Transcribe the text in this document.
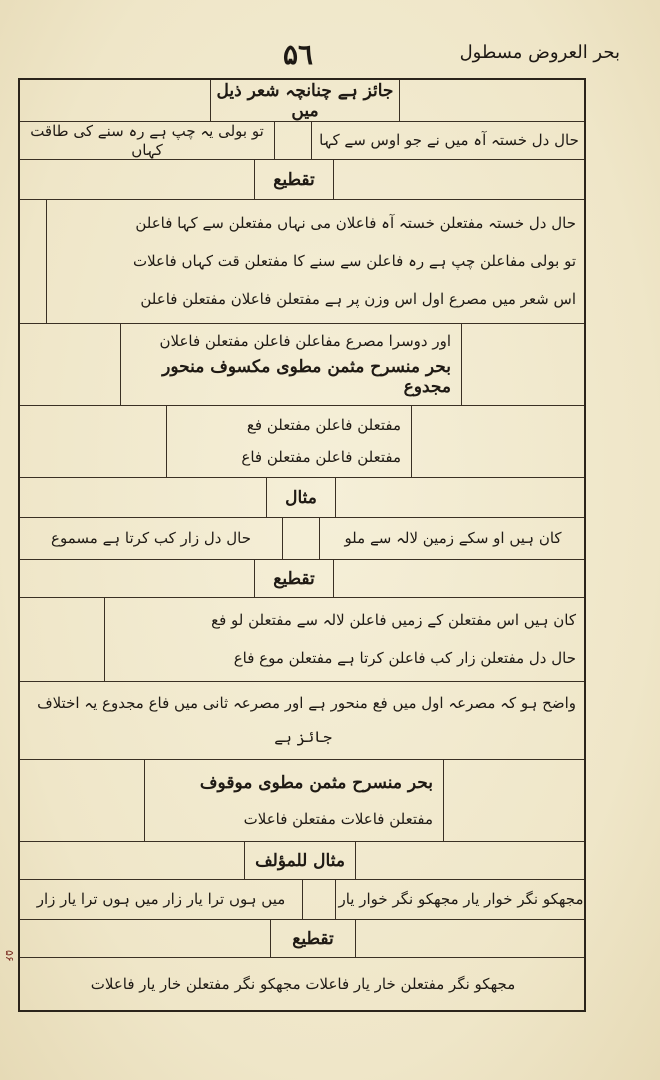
۵٦	بحر العروض مسطول
جائز ہے چنانچہ شعر ذیل میں
حال دل خستہ آہ میں نے جو اوس سے کہا
تو بولی یہ چپ ہے رہ سنے کی طاقت کہاں
تقطیع
حال دل خستہ مفتعلن خستہ آہ فاعلان می نہاں مفتعلن سے کہا فاعلن
تو بولی مفاعلن چپ ہے رہ فاعلن سے سنے کا مفتعلن قت کہاں فاعلات
اس شعر میں مصرع اول اس وزن پر ہے مفتعلن فاعلان مفتعلن فاعلن
اور دوسرا مصرع مفاعلن فاعلن مفتعلن فاعلان
بحر منسرح مثمن مطوی مکسوف منحور مجدوع
مفتعلن فاعلن مفتعلن فع
مفتعلن فاعلن مفتعلن فاع
مثال
کان ہیں او سکے زمین لالہ سے ملو
حال دل زار کب کرتا ہے مسموع
تقطیع
کان ہیں اس مفتعلن کے زمیں فاعلن لالہ سے مفتعلن لو فع
حال دل مفتعلن زار کب فاعلن کرتا ہے مفتعلن موع فاع
واضح ہو کہ مصرعہ اول میں فع منحور ہے اور مصرعہ ثانی میں فاع مجدوع یہ اختلاف
جائز ہے
بحر منسرح مثمن مطوی موقوف
مفتعلن فاعلات مفتعلن فاعلات
مثال للمؤلف
مجھکو نگر خوار یار مجھکو نگر خوار یار
میں ہوں ترا یار زار میں ہوں ترا یار زار
تقطیع
مجھکو نگر مفتعلن خار یار فاعلات مجھکو نگر مفتعلن خار یار فاعلات
۵۶
